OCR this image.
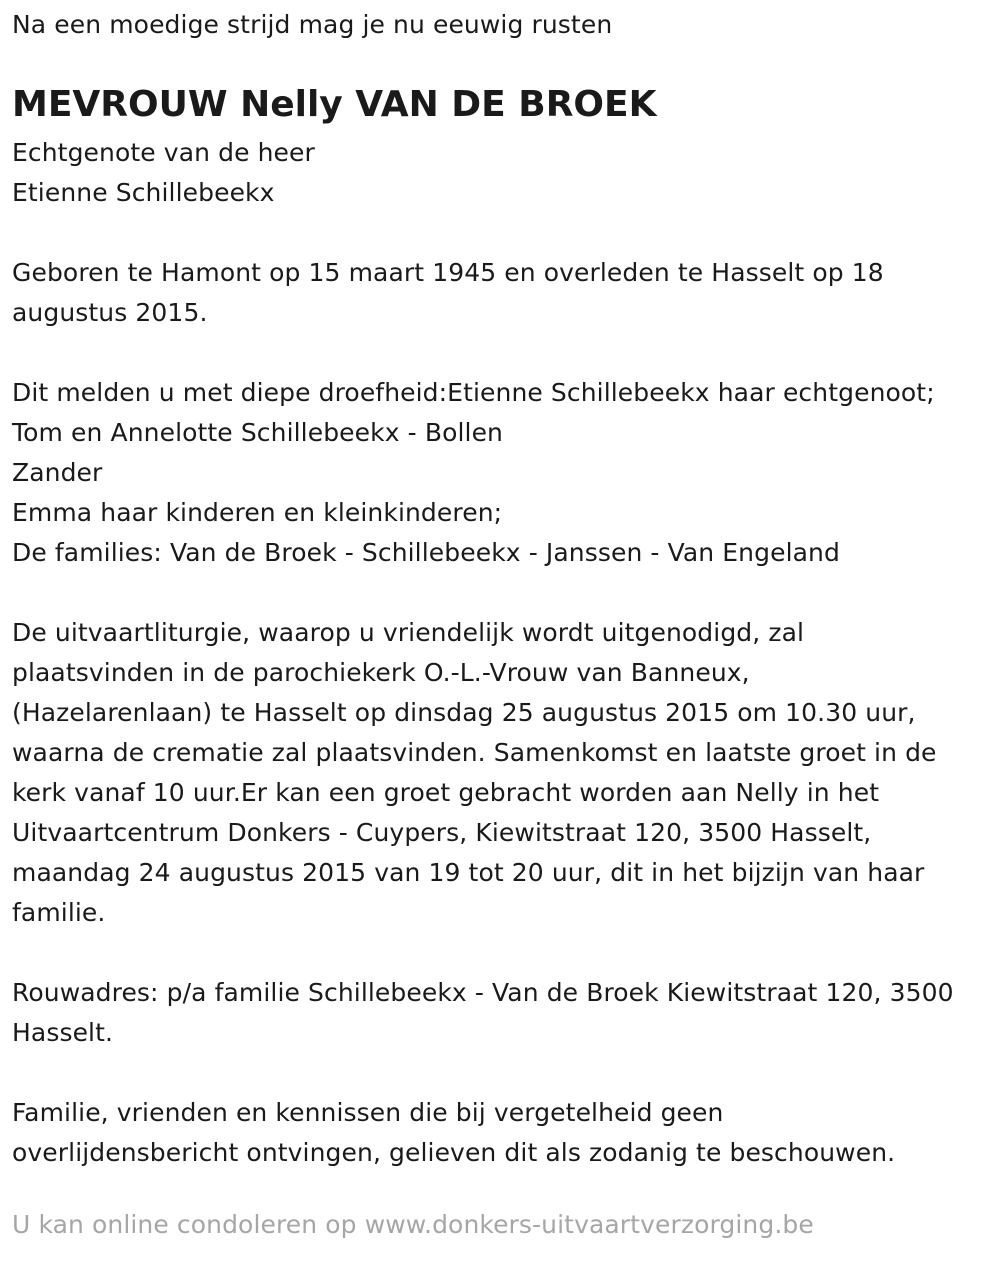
Na een moedige strijd mag je nu eeuwig rusten
MEVROUW Nelly VAN DE BROEK
Echtgenote van de heer
Etienne Schillebeekx
Geboren te Hamont op 15 maart 1945 en overleden te Hasselt op 18
augustus 2015.
Dit melden u met diepe droefheid:Etienne Schillebeekx haar echtgenoot;
Tom en Annelotte Schillebeekx - Bollen
Zander
Emma haar kinderen en kleinkinderen;
De families: Van de Broek - Schillebeekx - Janssen - Van Engeland
De uitvaartliturgie, waarop u vriendelijk wordt uitgenodigd, zal
plaatsvinden in de parochiekerk O.-L.-Vrouw van Banneux,
(Hazelarenlaan) te Hasselt op dinsdag 25 augustus 2015 om 10.30 uur,
waarna de crematie zal plaatsvinden. Samenkomst en laatste groet in de
kerk vanaf 10 uur.Er kan een groet gebracht worden aan Nelly in het
Uitvaartcentrum Donkers - Cuypers, Kiewitstraat 120, 3500 Hasselt,
maandag 24 augustus 2015 van 19 tot 20 uur, dit in het bijzijn van haar
familie.
Rouwadres: p/a familie Schillebeekx - Van de Broek Kiewitstraat 120, 3500
Hasselt.
Familie, vrienden en kennissen die bij vergetelheid geen
overlijdensbericht ontvingen, gelieven dit als zodanig te beschouwen.
U kan online condoleren op www.donkers-uitvaartverzorging.be
